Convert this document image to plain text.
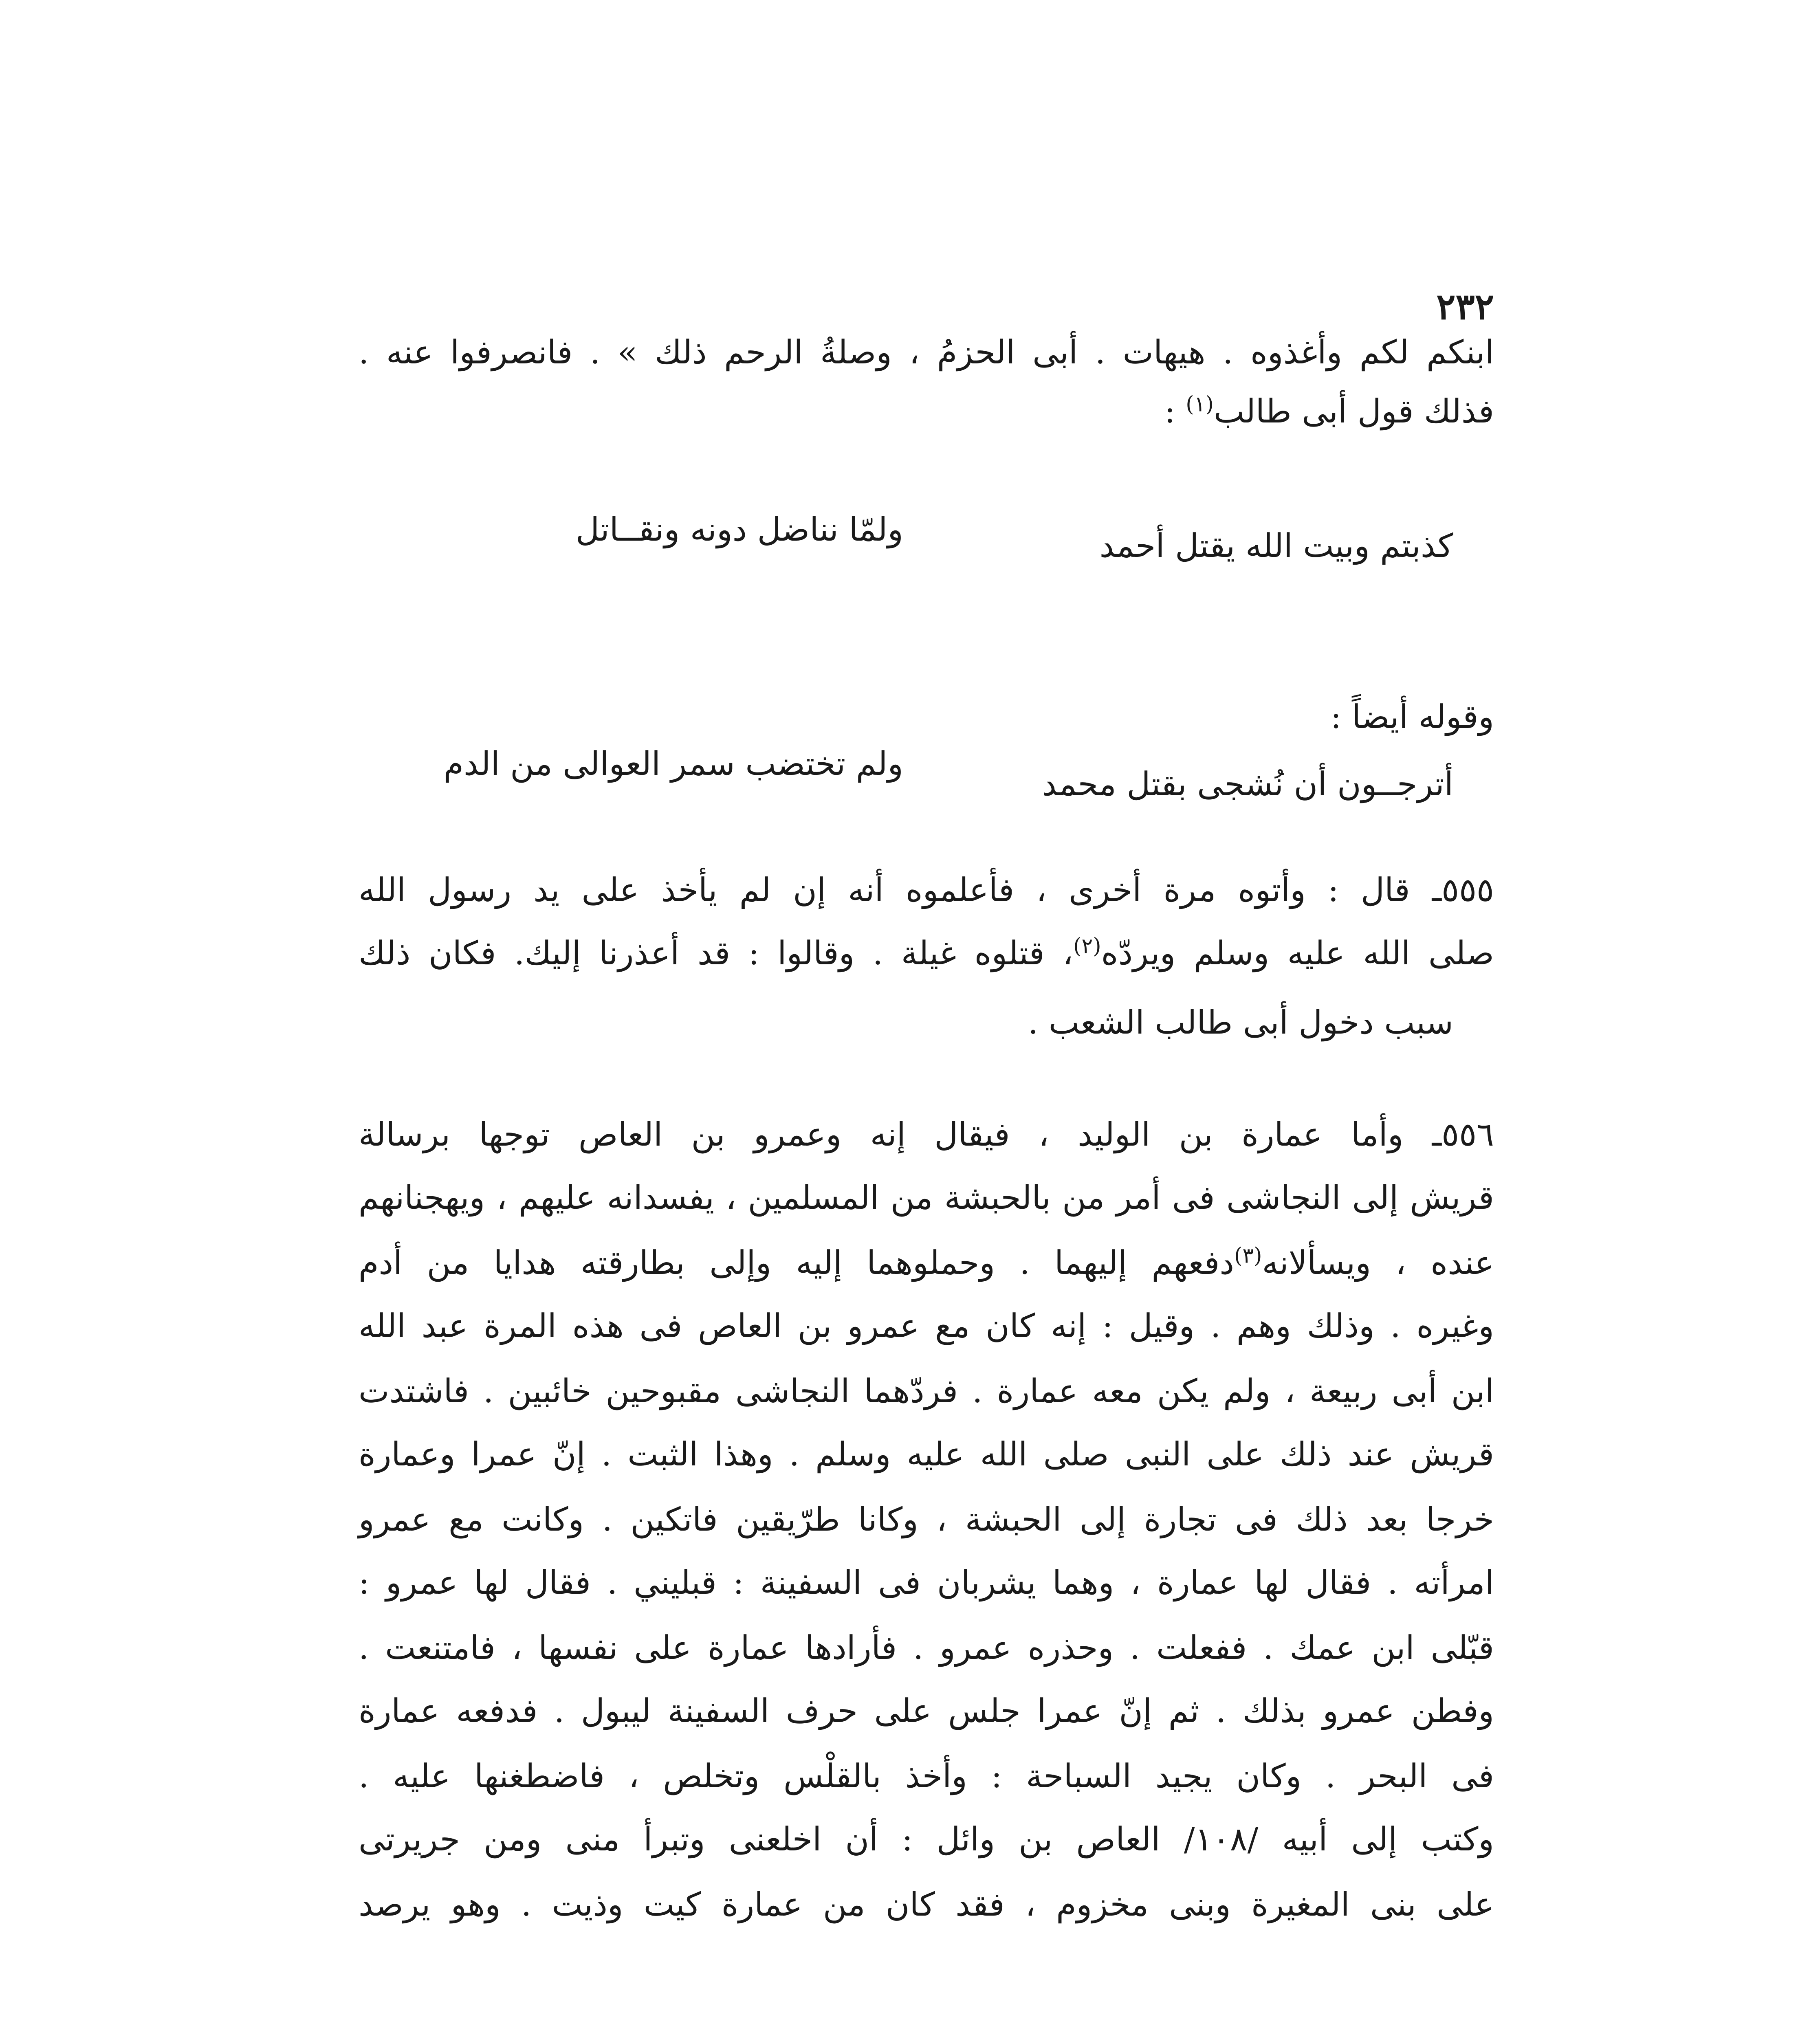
٢٣٢
ابنكم لكم وأغذوه . هيهات . أبى الحزمُ ، وصلةُ الرحم ذلك » . فانصرفوا عنه .
فذلك قول أبى طالب$^{(١)}$ :
كذبتم وبيت الله يقتل أحمد
ولمّا نناضل دونه ونقــاتل
وقوله أيضاً :
أترجــون أن نُشجى بقتل محمد
ولم تختضب سمر العوالى من الدم
٥٥٥ـ قال : وأتوه مرة أخرى ، فأعلموه أنه إن لم يأخذ على يد رسول الله
صلى الله عليه وسلم ويردّه$^{(٢)}$، قتلوه غيلة . وقالوا : قد أعذرنا إليك. فكان ذلك
سبب دخول أبى طالب الشعب .
٥٥٦ـ وأما عمارة بن الوليد ، فيقال إنه وعمرو بن العاص توجها برسالة
قريش إلى النجاشى فى أمر من بالحبشة من المسلمين ، يفسدانه عليهم ، ويهجنانهم
عنده ، ويسألانه$^{(٣)}$دفعهم إليهما . وحملوهما إليه وإلى بطارقته هدايا من أدم
وغيره . وذلك وهم . وقيل : إنه كان مع عمرو بن العاص فى هذه المرة عبد الله
ابن أبى ربيعة ، ولم يكن معه عمارة . فردّهما النجاشى مقبوحين خائبين . فاشتدت
قريش عند ذلك على النبى صلى الله عليه وسلم . وهذا الثبت . إنّ عمرا وعمارة
خرجا بعد ذلك فى تجارة إلى الحبشة ، وكانا طرّيقين فاتكين . وكانت مع عمرو
امرأته . فقال لها عمارة ، وهما يشربان فى السفينة : قبليني . فقال لها عمرو :
قبّلى ابن عمك . ففعلت . وحذره عمرو . فأرادها عمارة على نفسها ، فامتنعت .
وفطن عمرو بذلك . ثم إنّ عمرا جلس على حرف السفينة ليبول . فدفعه عمارة
فى البحر . وكان يجيد السباحة : وأخذ بالقلْس وتخلص ، فاضطغنها عليه .
وكتب إلى أبيه /١٠٨/ العاص بن وائل : أن اخلعنى وتبرأ منى ومن جريرتى
على بنى المغيرة وبنى مخزوم ، فقد كان من عمارة كيت وذيت . وهو يرصد
